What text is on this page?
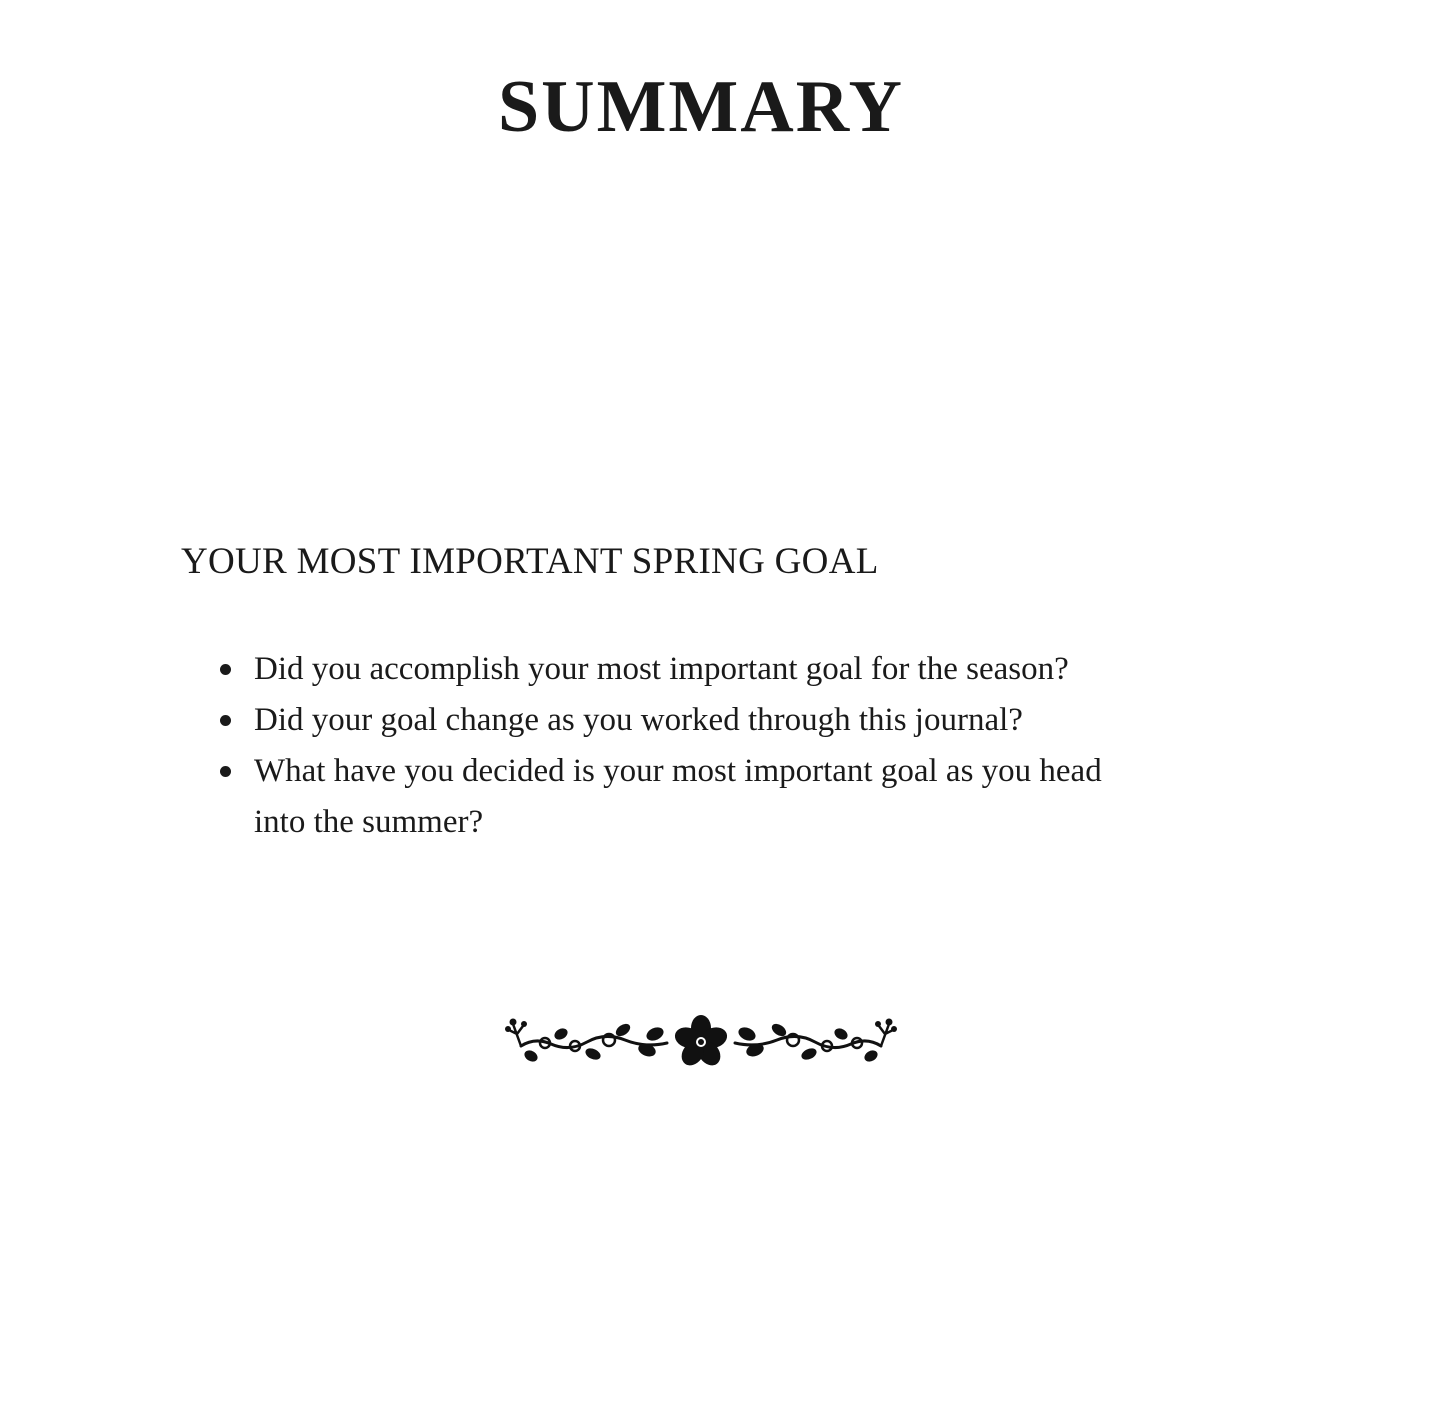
SUMMARY
YOUR MOST IMPORTANT SPRING GOAL
Did you accomplish your most important goal for the season?
Did your goal change as you worked through this journal?
What have you decided is your most important goal as you head into the summer?
